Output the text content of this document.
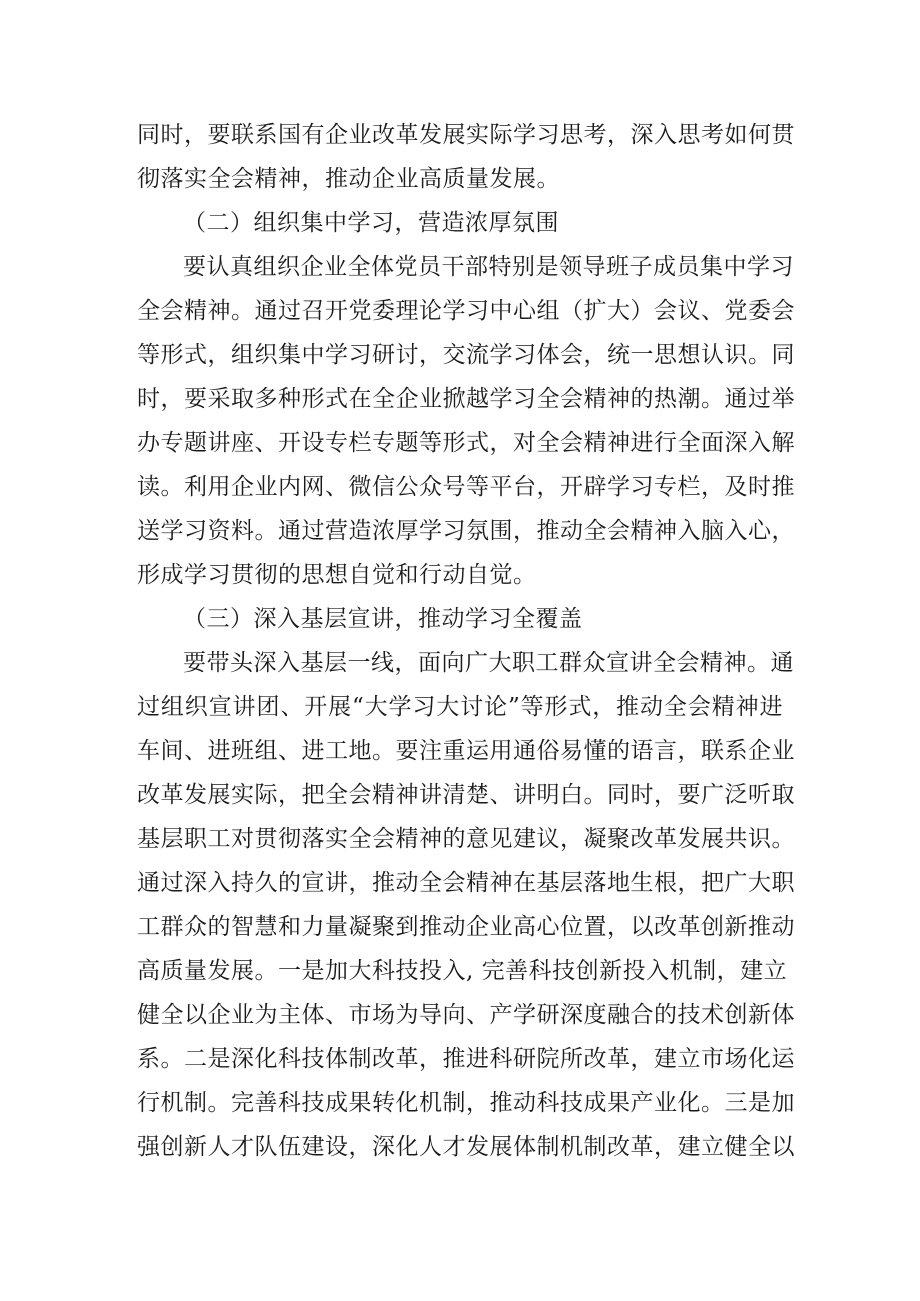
同时，要联系国有企业改革发展实际学习思考，深入思考如何贯
彻落实全会精神，推动企业高质量发展。
（二）组织集中学习，营造浓厚氛围
要认真组织企业全体党员干部特别是领导班子成员集中学习
全会精神。通过召开党委理论学习中心组（扩大）会议、党委会
等形式，组织集中学习研讨，交流学习体会，统一思想认识。同
时，要采取多种形式在全企业掀越学习全会精神的热潮。通过举
办专题讲座、开设专栏专题等形式，对全会精神进行全面深入解
读。利用企业内网、微信公众号等平台，开辟学习专栏，及时推
送学习资料。通过营造浓厚学习氛围，推动全会精神入脑入心，
形成学习贯彻的思想自觉和行动自觉。
（三）深入基层宣讲，推动学习全覆盖
要带头深入基层一线，面向广大职工群众宣讲全会精神。通
过组织宣讲团、开展“大学习大讨论”等形式，推动全会精神进
车间、进班组、进工地。要注重运用通俗易懂的语言，联系企业
改革发展实际，把全会精神讲清楚、讲明白。同时，要广泛听取
基层职工对贯彻落实全会精神的意见建议，凝聚改革发展共识。
通过深入持久的宣讲，推动全会精神在基层落地生根，把广大职
工群众的智慧和力量凝聚到推动企业高心位置，以改革创新推动
高质量发展。一是加大科技投入, 完善科技创新投入机制，建立
健全以企业为主体、市场为导向、产学研深度融合的技术创新体
系。二是深化科技体制改革，推进科研院所改革，建立市场化运
行机制。完善科技成果转化机制，推动科技成果产业化。三是加
强创新人才队伍建设，深化人才发展体制机制改革，建立健全以
